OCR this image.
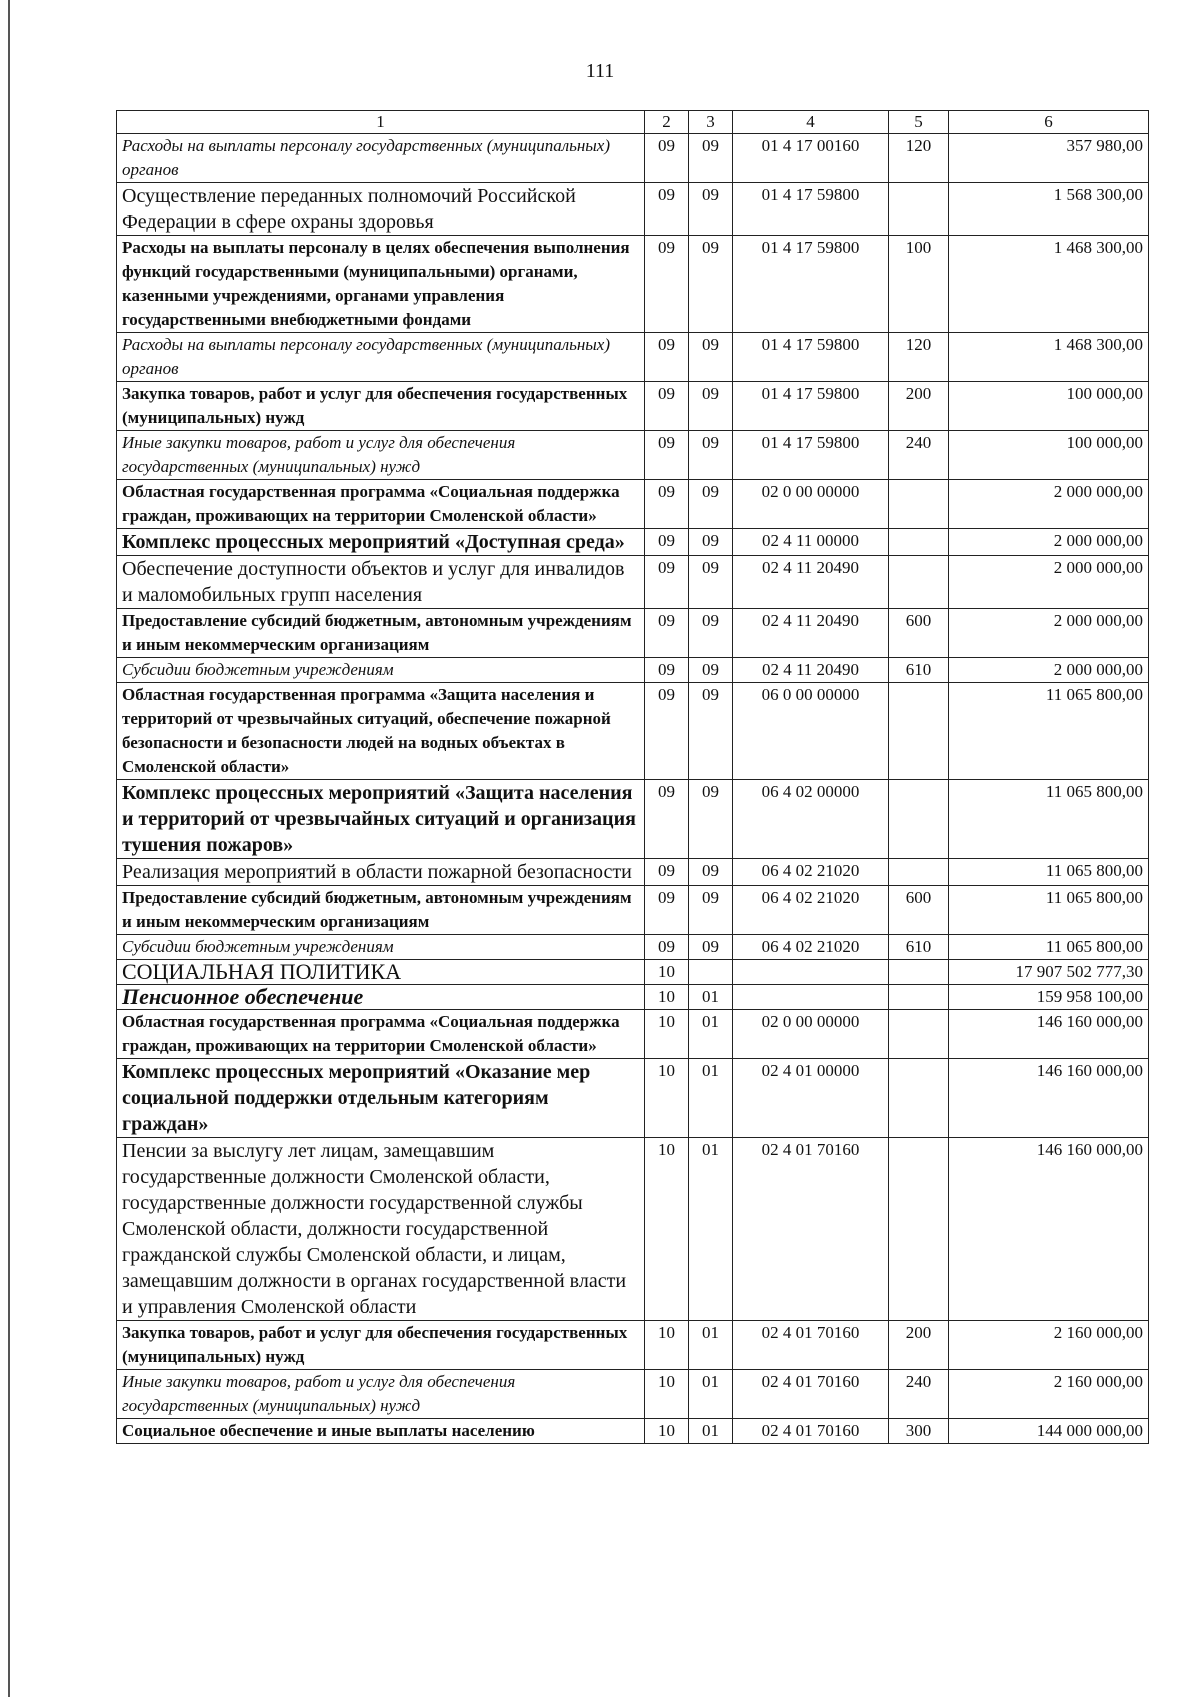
111
1	2	3	4	5	6
Расходы на выплаты персоналу государственных (муниципальных) органов	09	09	01 4 17 00160	120	357 980,00
Осуществление переданных полномочий Российской Федерации в сфере охраны здоровья	09	09	01 4 17 59800		1 568 300,00
Расходы на выплаты персоналу в целях обеспечения выполнения функций государственными (муниципальными) органами, казенными учреждениями, органами управления государственными внебюджетными фондами	09	09	01 4 17 59800	100	1 468 300,00
Расходы на выплаты персоналу государственных (муниципальных) органов	09	09	01 4 17 59800	120	1 468 300,00
Закупка товаров, работ и услуг для обеспечения государственных (муниципальных) нужд	09	09	01 4 17 59800	200	100 000,00
Иные закупки товаров, работ и услуг для обеспечения государственных (муниципальных) нужд	09	09	01 4 17 59800	240	100 000,00
Областная государственная программа «Социальная поддержка граждан, проживающих на территории Смоленской области»	09	09	02 0 00 00000		2 000 000,00
Комплекс процессных мероприятий «Доступная среда»	09	09	02 4 11 00000		2 000 000,00
Обеспечение доступности объектов и услуг для инвалидов и маломобильных групп населения	09	09	02 4 11 20490		2 000 000,00
Предоставление субсидий бюджетным, автономным учреждениям и иным некоммерческим организациям	09	09	02 4 11 20490	600	2 000 000,00
Субсидии бюджетным учреждениям	09	09	02 4 11 20490	610	2 000 000,00
Областная государственная программа «Защита населения и территорий от чрезвычайных ситуаций, обеспечение пожарной безопасности и безопасности людей на водных объектах в Смоленской области»	09	09	06 0 00 00000		11 065 800,00
Комплекс процессных мероприятий «Защита населения и территорий от чрезвычайных ситуаций и организация тушения пожаров»	09	09	06 4 02 00000		11 065 800,00
Реализация мероприятий в области пожарной безопасности	09	09	06 4 02 21020		11 065 800,00
Предоставление субсидий бюджетным, автономным учреждениям и иным некоммерческим организациям	09	09	06 4 02 21020	600	11 065 800,00
Субсидии бюджетным учреждениям	09	09	06 4 02 21020	610	11 065 800,00
СОЦИАЛЬНАЯ ПОЛИТИКА	10				17 907 502 777,30
Пенсионное обеспечение	10	01			159 958 100,00
Областная государственная программа «Социальная поддержка граждан, проживающих на территории Смоленской области»	10	01	02 0 00 00000		146 160 000,00
Комплекс процессных мероприятий «Оказание мер социальной поддержки отдельным категориям граждан»	10	01	02 4 01 00000		146 160 000,00
Пенсии за выслугу лет лицам, замещавшим государственные должности Смоленской области, государственные должности государственной службы Смоленской области, должности государственной гражданской службы Смоленской области, и лицам, замещавшим должности в органах государственной власти и управления Смоленской области	10	01	02 4 01 70160		146 160 000,00
Закупка товаров, работ и услуг для обеспечения государственных (муниципальных) нужд	10	01	02 4 01 70160	200	2 160 000,00
Иные закупки товаров, работ и услуг для обеспечения государственных (муниципальных) нужд	10	01	02 4 01 70160	240	2 160 000,00
Социальное обеспечение и иные выплаты населению	10	01	02 4 01 70160	300	144 000 000,00
